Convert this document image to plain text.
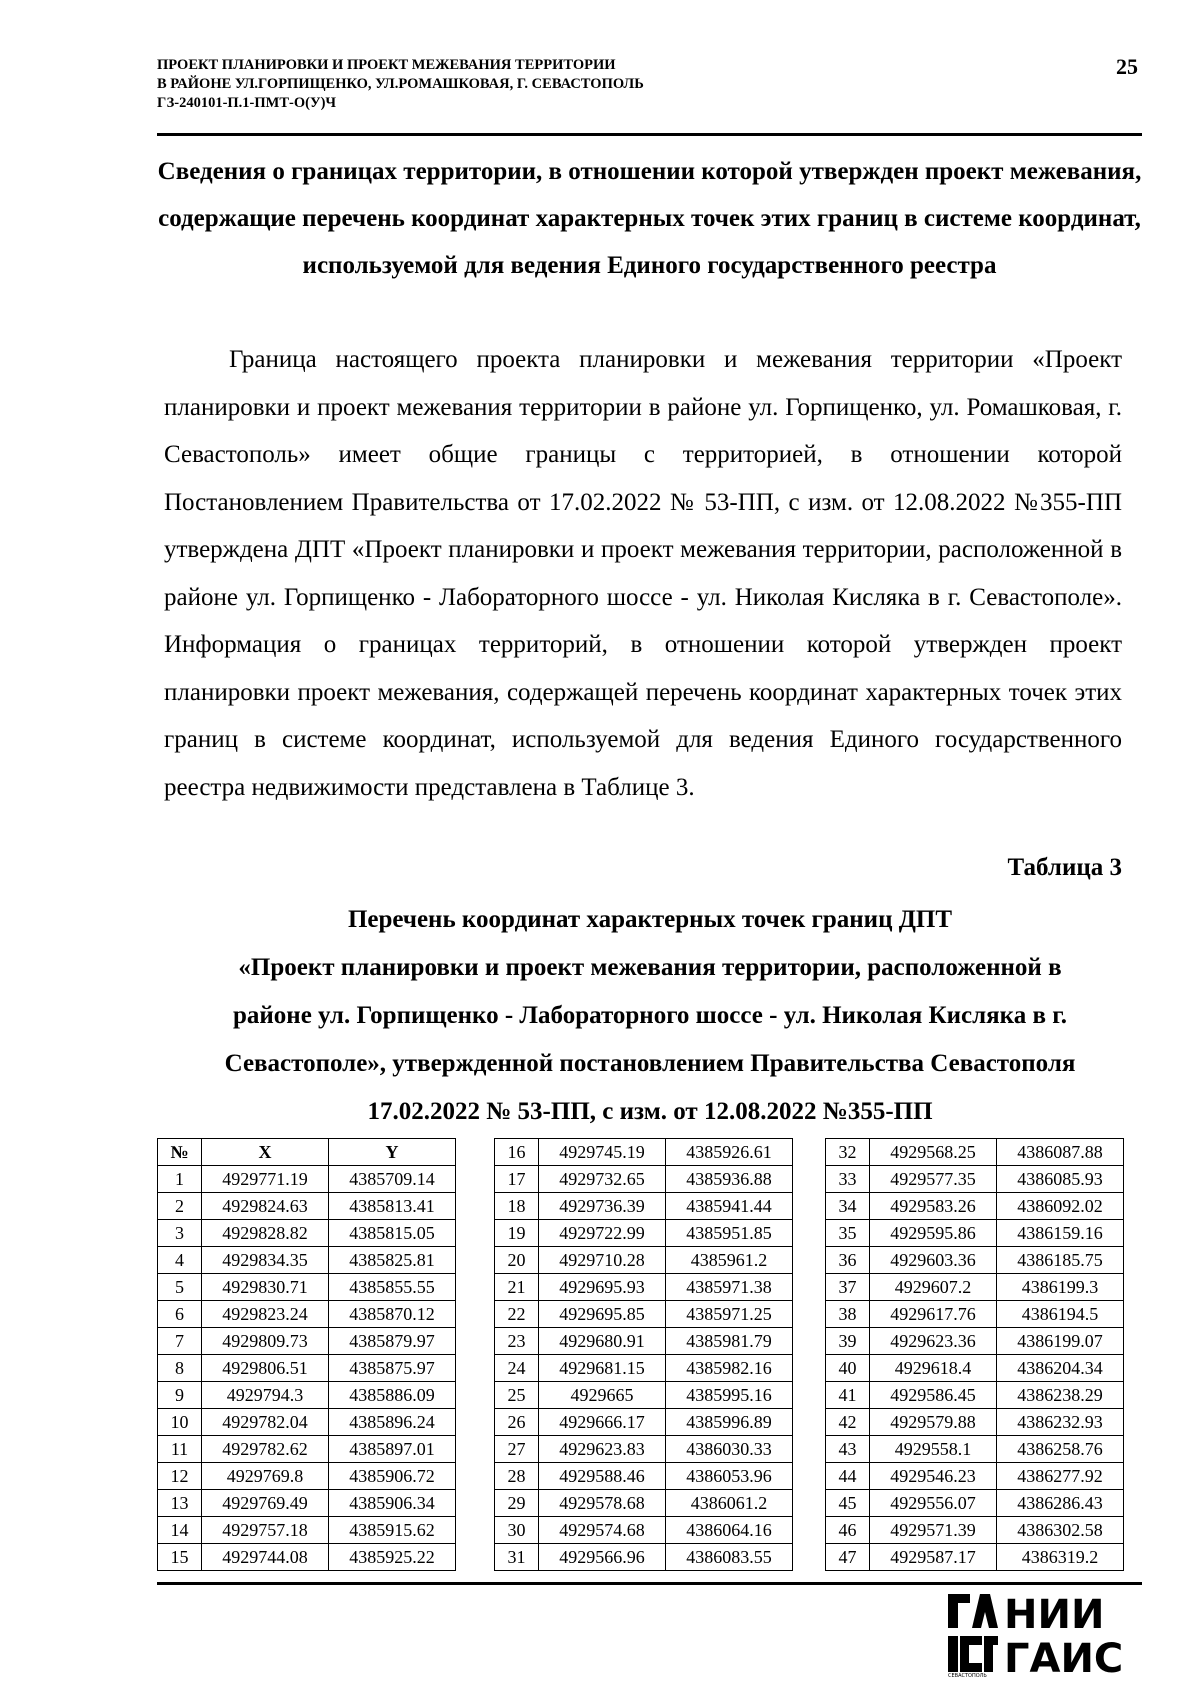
ПРОЕКТ ПЛАНИРОВКИ И ПРОЕКТ МЕЖЕВАНИЯ ТЕРРИТОРИИ
В РАЙОНЕ УЛ.ГОРПИЩЕНКО, УЛ.РОМАШКОВАЯ, Г. СЕВАСТОПОЛЬ
ГЗ-240101-П.1-ПМТ-О(У)Ч
25
Сведения о границах территории, в отношении которой утвержден проект межевания, содержащие перечень координат характерных точек этих границ в системе координат, используемой для ведения Единого государственного реестра
Граница настоящего проекта планировки и межевания территории «Проект планировки и проект межевания территории в районе ул. Горпищенко, ул. Ромашковая, г. Севастополь» имеет общие границы с территорией, в отношении которой Постановлением Правительства от 17.02.2022 № 53-ПП, с изм. от 12.08.2022 №355-ПП утверждена ДПТ «Проект планировки и проект межевания территории, расположенной в районе ул. Горпищенко - Лабораторного шоссе - ул. Николая Кисляка в г. Севастополе». Информация о границах территорий, в отношении которой утвержден проект планировки проект межевания, содержащей перечень координат характерных точек этих границ в системе координат, используемой для ведения Единого государственного реестра недвижимости представлена в Таблице 3.
Таблица 3
Перечень координат характерных точек границ ДПТ
«Проект планировки и проект межевания территории, расположенной в
районе ул. Горпищенко - Лабораторного шоссе - ул. Николая Кисляка в г.
Севастополе», утвержденной постановлением Правительства Севастополя
17.02.2022 № 53-ПП, с изм. от 12.08.2022 №355-ПП
№	X	Y
1	4929771.19	4385709.14
2	4929824.63	4385813.41
3	4929828.82	4385815.05
4	4929834.35	4385825.81
5	4929830.71	4385855.55
6	4929823.24	4385870.12
7	4929809.73	4385879.97
8	4929806.51	4385875.97
9	4929794.3	4385886.09
10	4929782.04	4385896.24
11	4929782.62	4385897.01
12	4929769.8	4385906.72
13	4929769.49	4385906.34
14	4929757.18	4385915.62
15	4929744.08	4385925.22
16	4929745.19	4385926.61
17	4929732.65	4385936.88
18	4929736.39	4385941.44
19	4929722.99	4385951.85
20	4929710.28	4385961.2
21	4929695.93	4385971.38
22	4929695.85	4385971.25
23	4929680.91	4385981.79
24	4929681.15	4385982.16
25	4929665	4385995.16
26	4929666.17	4385996.89
27	4929623.83	4386030.33
28	4929588.46	4386053.96
29	4929578.68	4386061.2
30	4929574.68	4386064.16
31	4929566.96	4386083.55
32	4929568.25	4386087.88
33	4929577.35	4386085.93
34	4929583.26	4386092.02
35	4929595.86	4386159.16
36	4929603.36	4386185.75
37	4929607.2	4386199.3
38	4929617.76	4386194.5
39	4929623.36	4386199.07
40	4929618.4	4386204.34
41	4929586.45	4386238.29
42	4929579.88	4386232.93
43	4929558.1	4386258.76
44	4929546.23	4386277.92
45	4929556.07	4386286.43
46	4929571.39	4386302.58
47	4929587.17	4386319.2
СЕВАСТОПОЛЬ
НИИ
ГАИС
